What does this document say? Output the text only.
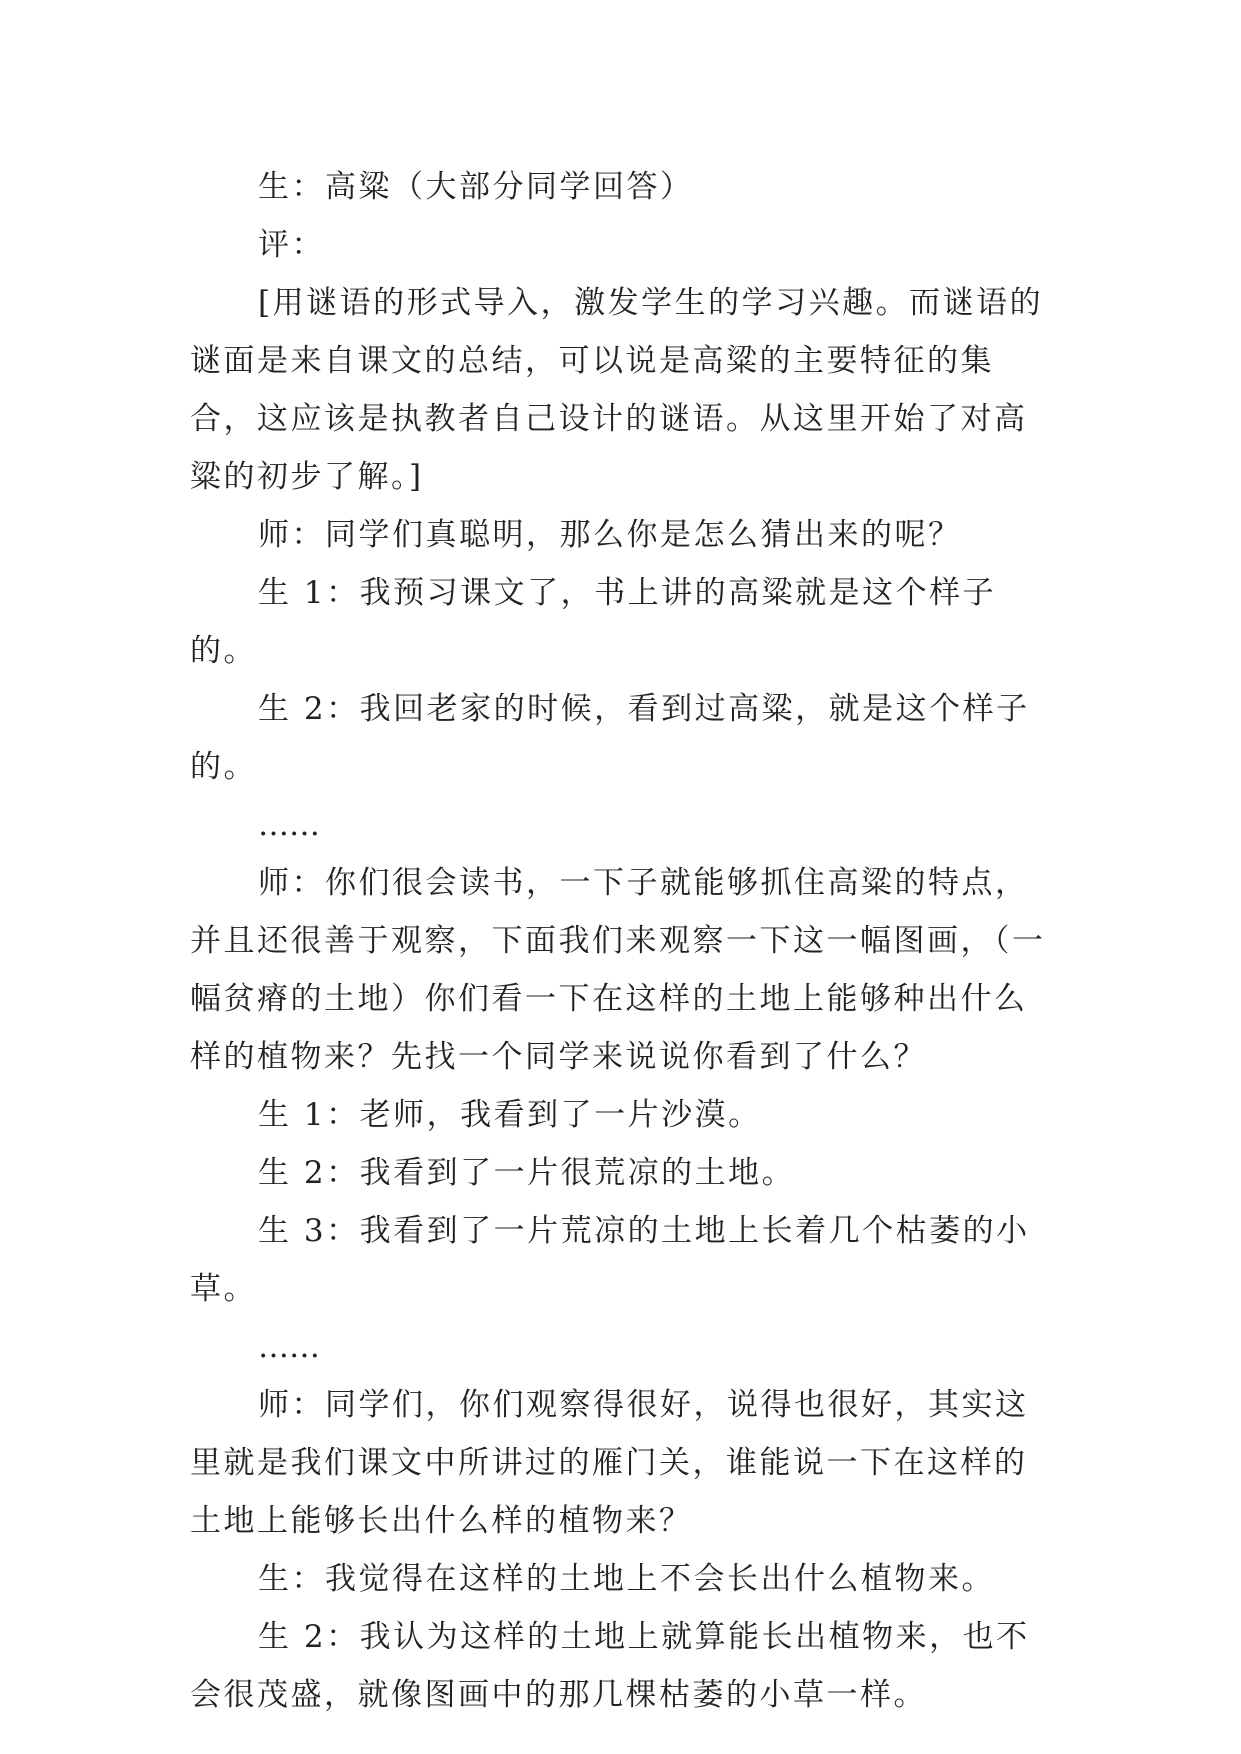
生：高粱（大部分同学回答）

评：

[用谜语的形式导入，激发学生的学习兴趣。而谜语的谜面是来自课文的总结，可以说是高粱的主要特征的集合，这应该是执教者自己设计的谜语。从这里开始了对高粱的初步了解。]

师：同学们真聪明，那么你是怎么猜出来的呢？

生 1：我预习课文了，书上讲的高粱就是这个样子的。

生 2：我回老家的时候，看到过高粱，就是这个样子的。

……

师：你们很会读书，一下子就能够抓住高粱的特点，并且还很善于观察，下面我们来观察一下这一幅图画，（一幅贫瘠的土地）你们看一下在这样的土地上能够种出什么样的植物来？先找一个同学来说说你看到了什么？

生 1：老师，我看到了一片沙漠。

生 2：我看到了一片很荒凉的土地。

生 3：我看到了一片荒凉的土地上长着几个枯萎的小草。

……

师：同学们，你们观察得很好，说得也很好，其实这里就是我们课文中所讲过的雁门关，谁能说一下在这样的土地上能够长出什么样的植物来？

生：我觉得在这样的土地上不会长出什么植物来。

生 2：我认为这样的土地上就算能长出植物来，也不会很茂盛，就像图画中的那几棵枯萎的小草一样。
